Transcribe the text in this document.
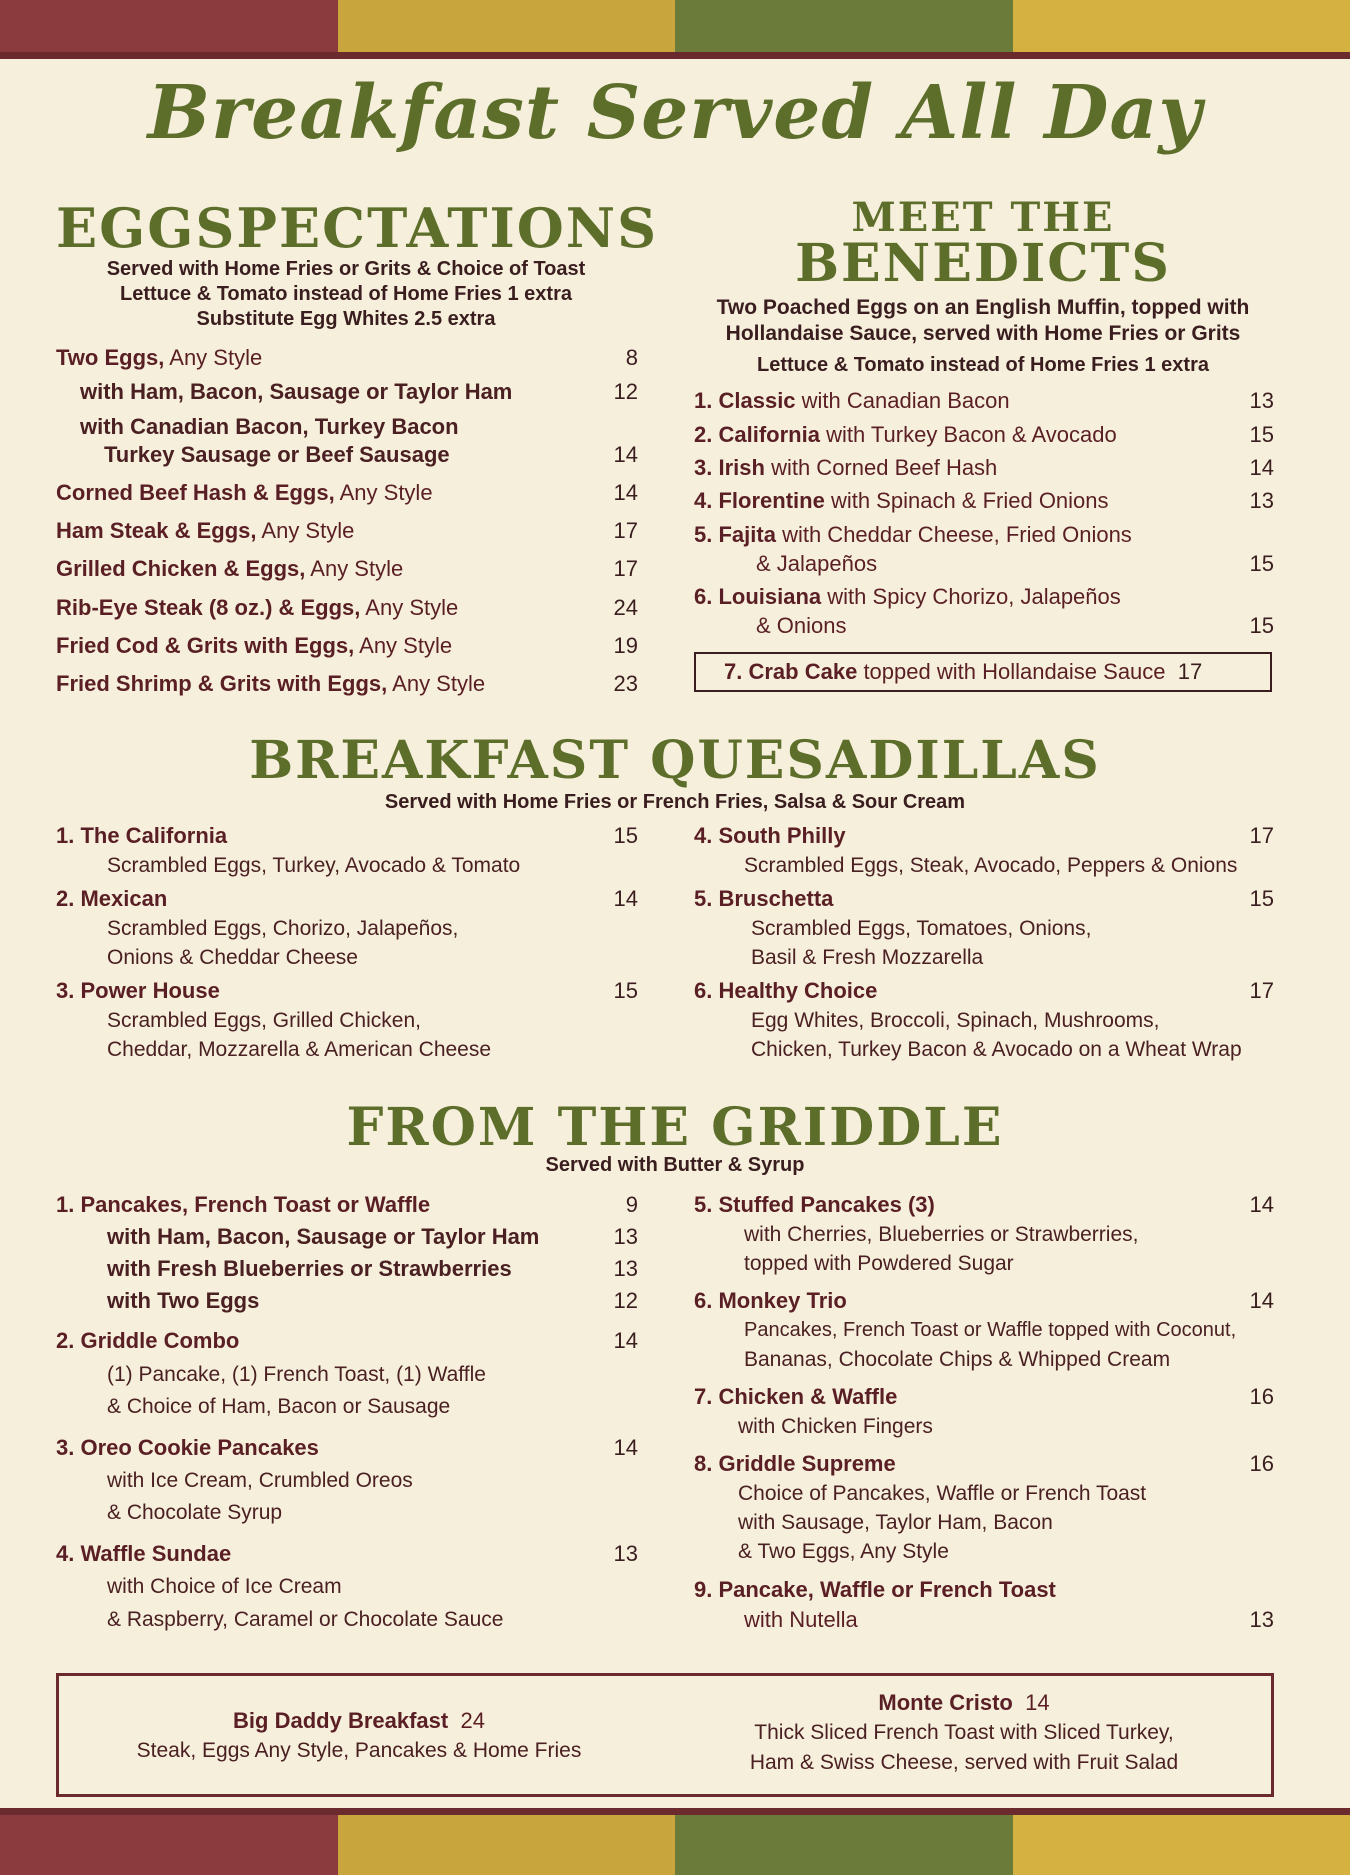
Breakfast Served All Day
EGGSPECTATIONS
Served with Home Fries or Grits & Choice of Toast
Lettuce & Tomato instead of Home Fries 1 extra
Substitute Egg Whites 2.5 extra
Two Eggs, Any Style	8
with Ham, Bacon, Sausage or Taylor Ham	12
with Canadian Bacon, Turkey Bacon
Turkey Sausage or Beef Sausage	14
Corned Beef Hash & Eggs, Any Style	14
Ham Steak & Eggs, Any Style	17
Grilled Chicken & Eggs, Any Style	17
Rib-Eye Steak (8 oz.) & Eggs, Any Style	24
Fried Cod & Grits with Eggs, Any Style	19
Fried Shrimp & Grits with Eggs, Any Style	23
MEET THE
BENEDICTS
Two Poached Eggs on an English Muffin, topped with
Hollandaise Sauce, served with Home Fries or Grits
Lettuce & Tomato instead of Home Fries 1 extra
1. Classic with Canadian Bacon	13
2. California with Turkey Bacon & Avocado	15
3. Irish with Corned Beef Hash	14
4. Florentine with Spinach & Fried Onions	13
5. Fajita with Cheddar Cheese, Fried Onions
& Jalapeños	15
6. Louisiana with Spicy Chorizo, Jalapeños
& Onions	15
7. Crab Cake topped with Hollandaise Sauce 17
BREAKFAST QUESADILLAS
Served with Home Fries or French Fries, Salsa & Sour Cream
1. The California	15
Scrambled Eggs, Turkey, Avocado & Tomato
2. Mexican	14
Scrambled Eggs, Chorizo, Jalapeños,
Onions & Cheddar Cheese
3. Power House	15
Scrambled Eggs, Grilled Chicken,
Cheddar, Mozzarella & American Cheese
4. South Philly	17
Scrambled Eggs, Steak, Avocado, Peppers & Onions
5. Bruschetta	15
Scrambled Eggs, Tomatoes, Onions,
Basil & Fresh Mozzarella
6. Healthy Choice	17
Egg Whites, Broccoli, Spinach, Mushrooms,
Chicken, Turkey Bacon & Avocado on a Wheat Wrap
FROM THE GRIDDLE
Served with Butter & Syrup
1. Pancakes, French Toast or Waffle	9
with Ham, Bacon, Sausage or Taylor Ham	13
with Fresh Blueberries or Strawberries	13
with Two Eggs	12
2. Griddle Combo	14
(1) Pancake, (1) French Toast, (1) Waffle
& Choice of Ham, Bacon or Sausage
3. Oreo Cookie Pancakes	14
with Ice Cream, Crumbled Oreos
& Chocolate Syrup
4. Waffle Sundae	13
with Choice of Ice Cream
& Raspberry, Caramel or Chocolate Sauce
5. Stuffed Pancakes (3)	14
with Cherries, Blueberries or Strawberries,
topped with Powdered Sugar
6. Monkey Trio	14
Pancakes, French Toast or Waffle topped with Coconut,
Bananas, Chocolate Chips & Whipped Cream
7. Chicken & Waffle	16
with Chicken Fingers
8. Griddle Supreme	16
Choice of Pancakes, Waffle or French Toast
with Sausage, Taylor Ham, Bacon
& Two Eggs, Any Style
9. Pancake, Waffle or French Toast
with Nutella	13
Big Daddy Breakfast 24
Steak, Eggs Any Style, Pancakes & Home Fries
Monte Cristo 14
Thick Sliced French Toast with Sliced Turkey,
Ham & Swiss Cheese, served with Fruit Salad
